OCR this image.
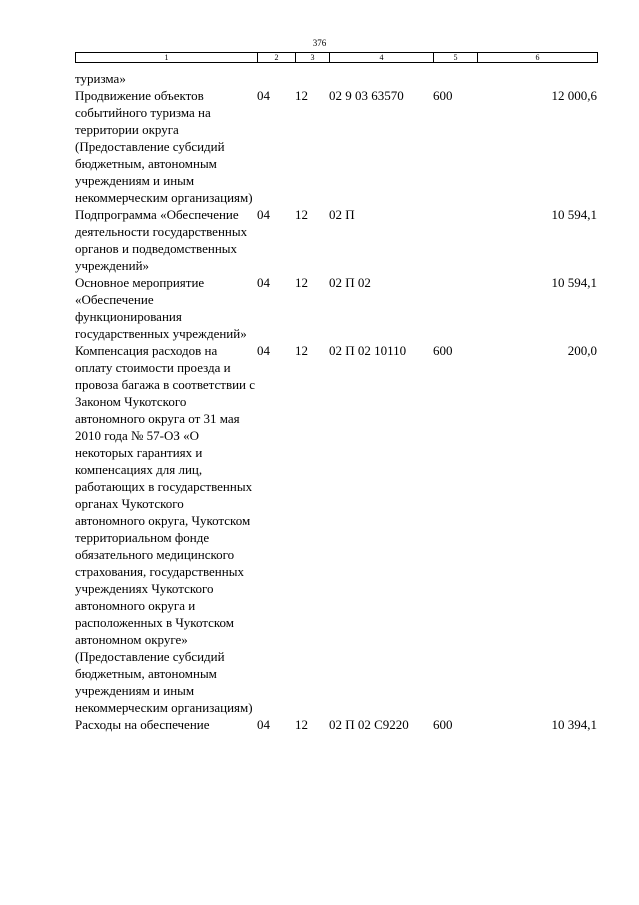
376
1	2	3	4	5	6
туризма»					
Продвижение объектов событийного туризма на территории округа (Предоставление субсидий бюджетным, автономным учреждениям и иным некоммерческим организациям)	04	12	02 9 03 63570	600	12 000,6
Подпрограмма «Обеспечение деятельности государственных органов и подведомственных учреждений»	04	12	02 П		10 594,1
Основное мероприятие «Обеспечение функционирования государственных учреждений»	04	12	02 П 02		10 594,1
Компенсация расходов на оплату стоимости проезда и провоза багажа в соответствии с Законом Чукотского автономного округа от 31 мая 2010 года № 57-ОЗ «О некоторых гарантиях и компенсациях для лиц, работающих в государственных органах Чукотского автономного округа, Чукотском территориальном фонде обязательного медицинского страхования, государственных учреждениях Чукотского автономного округа и расположенных в Чукотском автономном округе» (Предоставление субсидий бюджетным, автономным учреждениям и иным некоммерческим организациям)	04	12	02 П 02 10110	600	200,0
Расходы на обеспечение	04	12	02 П 02 С9220	600	10 394,1
